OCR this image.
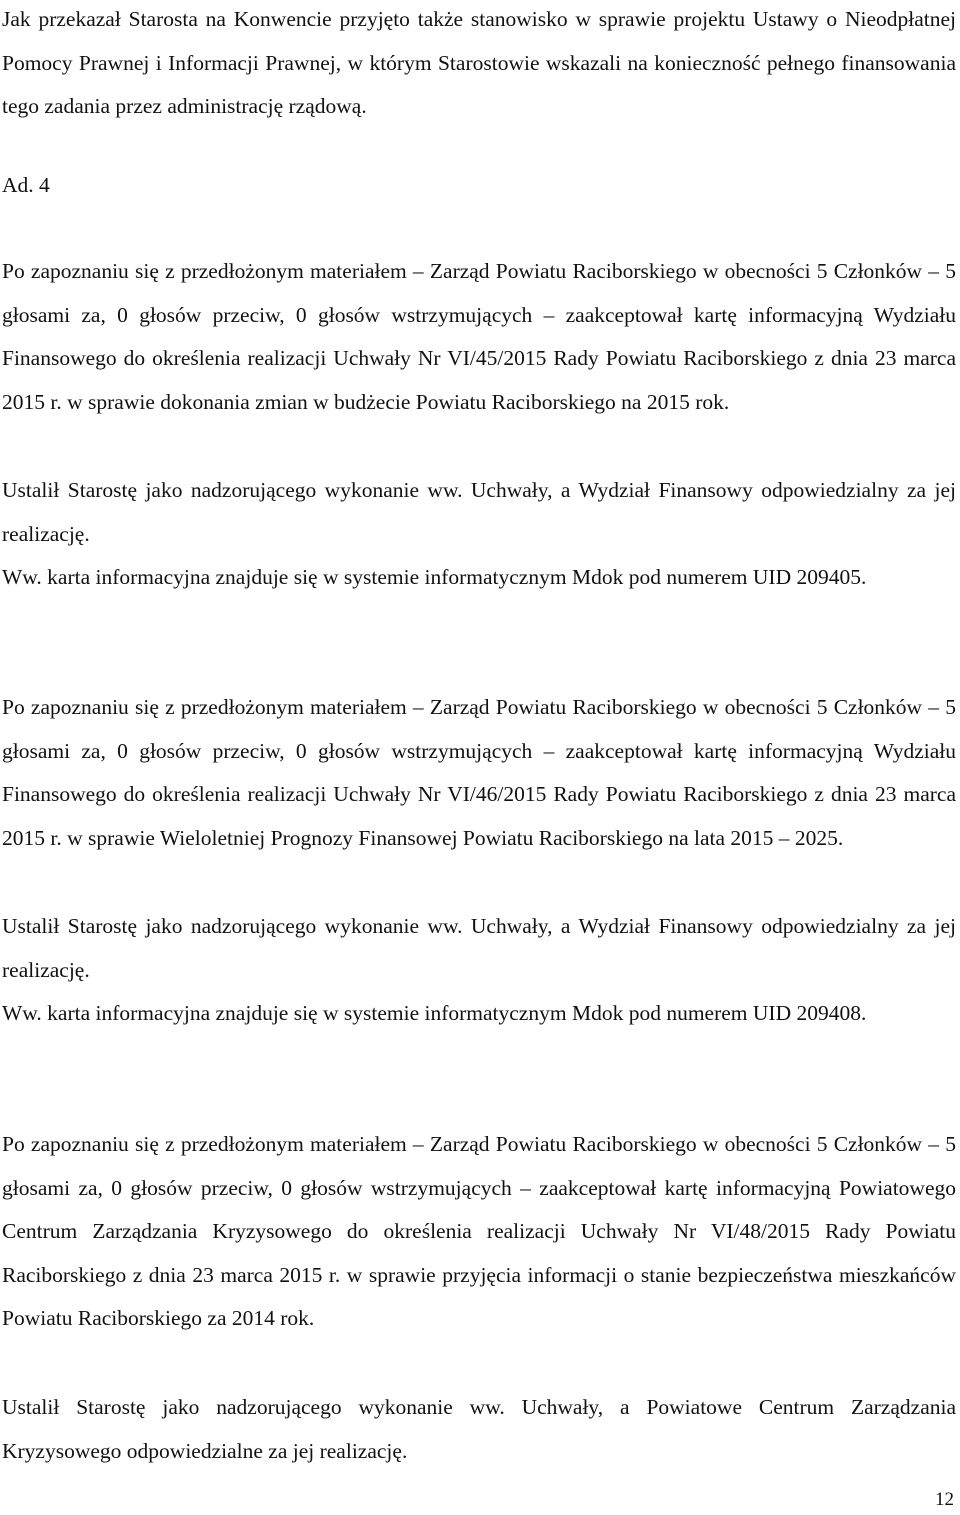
Jak przekazał Starosta na Konwencie przyjęto także stanowisko w sprawie projektu Ustawy o Nieodpłatnej Pomocy Prawnej i Informacji Prawnej, w którym Starostowie wskazali na konieczność pełnego finansowania tego zadania przez administrację rządową.

Ad. 4

Po zapoznaniu się z przedłożonym materiałem – Zarząd Powiatu Raciborskiego w obecności 5 Członków – 5 głosami za, 0 głosów przeciw, 0 głosów wstrzymujących – zaakceptował kartę informacyjną Wydziału Finansowego do określenia realizacji Uchwały Nr VI/45/2015 Rady Powiatu Raciborskiego z dnia 23 marca 2015 r. w sprawie dokonania zmian w budżecie Powiatu Raciborskiego na 2015 rok.

Ustalił Starostę jako nadzorującego wykonanie ww. Uchwały, a Wydział Finansowy odpowiedzialny za jej realizację.

Ww. karta informacyjna znajduje się w systemie informatycznym Mdok pod numerem UID 209405.

Po zapoznaniu się z przedłożonym materiałem – Zarząd Powiatu Raciborskiego w obecności 5 Członków – 5 głosami za, 0 głosów przeciw, 0 głosów wstrzymujących – zaakceptował kartę informacyjną Wydziału Finansowego do określenia realizacji Uchwały Nr VI/46/2015 Rady Powiatu Raciborskiego z dnia 23 marca 2015 r. w sprawie Wieloletniej Prognozy Finansowej Powiatu Raciborskiego na lata 2015 – 2025.

Ustalił Starostę jako nadzorującego wykonanie ww. Uchwały, a Wydział Finansowy odpowiedzialny za jej realizację.

Ww. karta informacyjna znajduje się w systemie informatycznym Mdok pod numerem UID 209408.

Po zapoznaniu się z przedłożonym materiałem – Zarząd Powiatu Raciborskiego w obecności 5 Członków – 5 głosami za, 0 głosów przeciw, 0 głosów wstrzymujących – zaakceptował kartę informacyjną Powiatowego Centrum Zarządzania Kryzysowego do określenia realizacji Uchwały Nr VI/48/2015 Rady Powiatu Raciborskiego z dnia 23 marca 2015 r. w sprawie przyjęcia informacji o stanie bezpieczeństwa mieszkańców Powiatu Raciborskiego za 2014 rok.

Ustalił Starostę jako nadzorującego wykonanie ww. Uchwały, a Powiatowe Centrum Zarządzania Kryzysowego odpowiedzialne za jej realizację.

12
